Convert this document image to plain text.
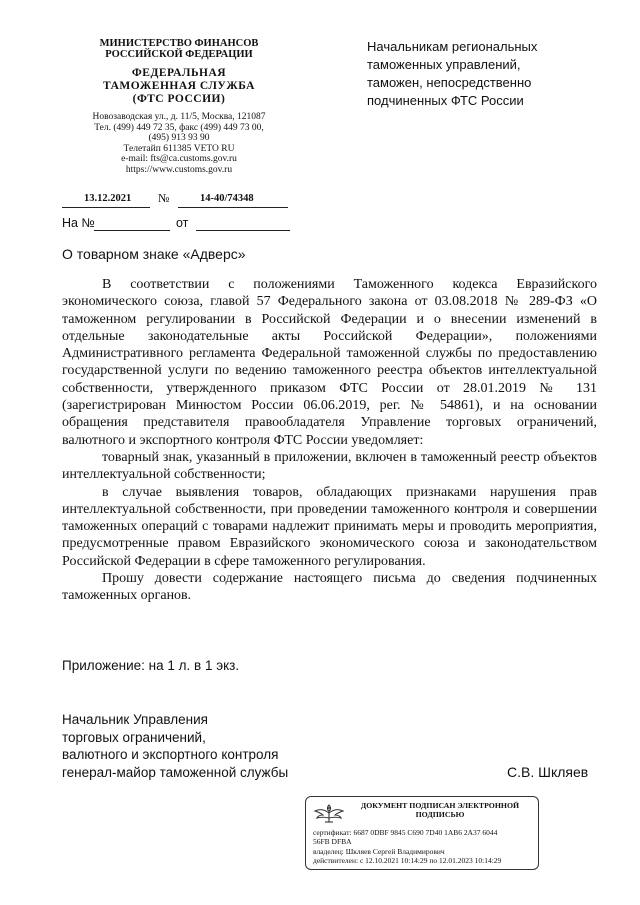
МИНИСТЕРСТВО ФИНАНСОВ
РОССИЙСКОЙ ФЕДЕРАЦИИ
ФЕДЕРАЛЬНАЯ
ТАМОЖЕННАЯ СЛУЖБА
(ФТС РОССИИ)
Новозаводская ул., д. 11/5, Москва, 121087
Тел. (499) 449 72 35, факс (499) 449 73 00,
(495) 913 93 90
Телетайп 611385 VETO RU
e-mail: fts@ca.customs.gov.ru
https://www.customs.gov.ru
13.12.2021 №	14-40/74348
На №	от
Начальникам региональных
таможенных управлений,
таможен, непосредственно
подчиненных ФТС России
О товарном знаке «Адверс»

В соответствии с положениями Таможенного кодекса Евразийского экономического союза, главой 57 Федерального закона от 03.08.2018 № 289-ФЗ «О таможенном регулировании в Российской Федерации и о внесении изменений в отдельные законодательные акты Российской Федерации», положениями Административного регламента Федеральной таможенной службы по предоставлению государственной услуги по ведению таможенного реестра объектов интеллектуальной собственности, утвержденного приказом ФТС России от 28.01.2019 № 131 (зарегистрирован Минюстом России 06.06.2019, рег. № 54861), и на основании обращения представителя правообладателя Управление торговых ограничений, валютного и экспортного контроля ФТС России уведомляет:

товарный знак, указанный в приложении, включен в таможенный реестр объектов интеллектуальной собственности;

в случае выявления товаров, обладающих признаками нарушения прав интеллектуальной собственности, при проведении таможенного контроля и совершении таможенных операций с товарами надлежит принимать меры и проводить мероприятия, предусмотренные правом Евразийского экономического союза и законодательством Российской Федерации в сфере таможенного регулирования.

Прошу довести содержание настоящего письма до сведения подчиненных таможенных органов.

Приложение: на 1 л. в 1 экз.
Начальник Управления
торговых ограничений,
валютного и экспортного контроля
генерал-майор таможенной службы	С.В. Шкляев
ДОКУМЕНТ ПОДПИСАН ЭЛЕКТРОННОЙ
ПОДПИСЬЮ
сертификат: 6687 0DBF 9845 C690 7D40 1AB6 2A37 6044
56FB DFBA
владелец: Шкляев Сергей Владимирович
действителен: с 12.10.2021 10:14:29 по 12.01.2023 10:14:29
